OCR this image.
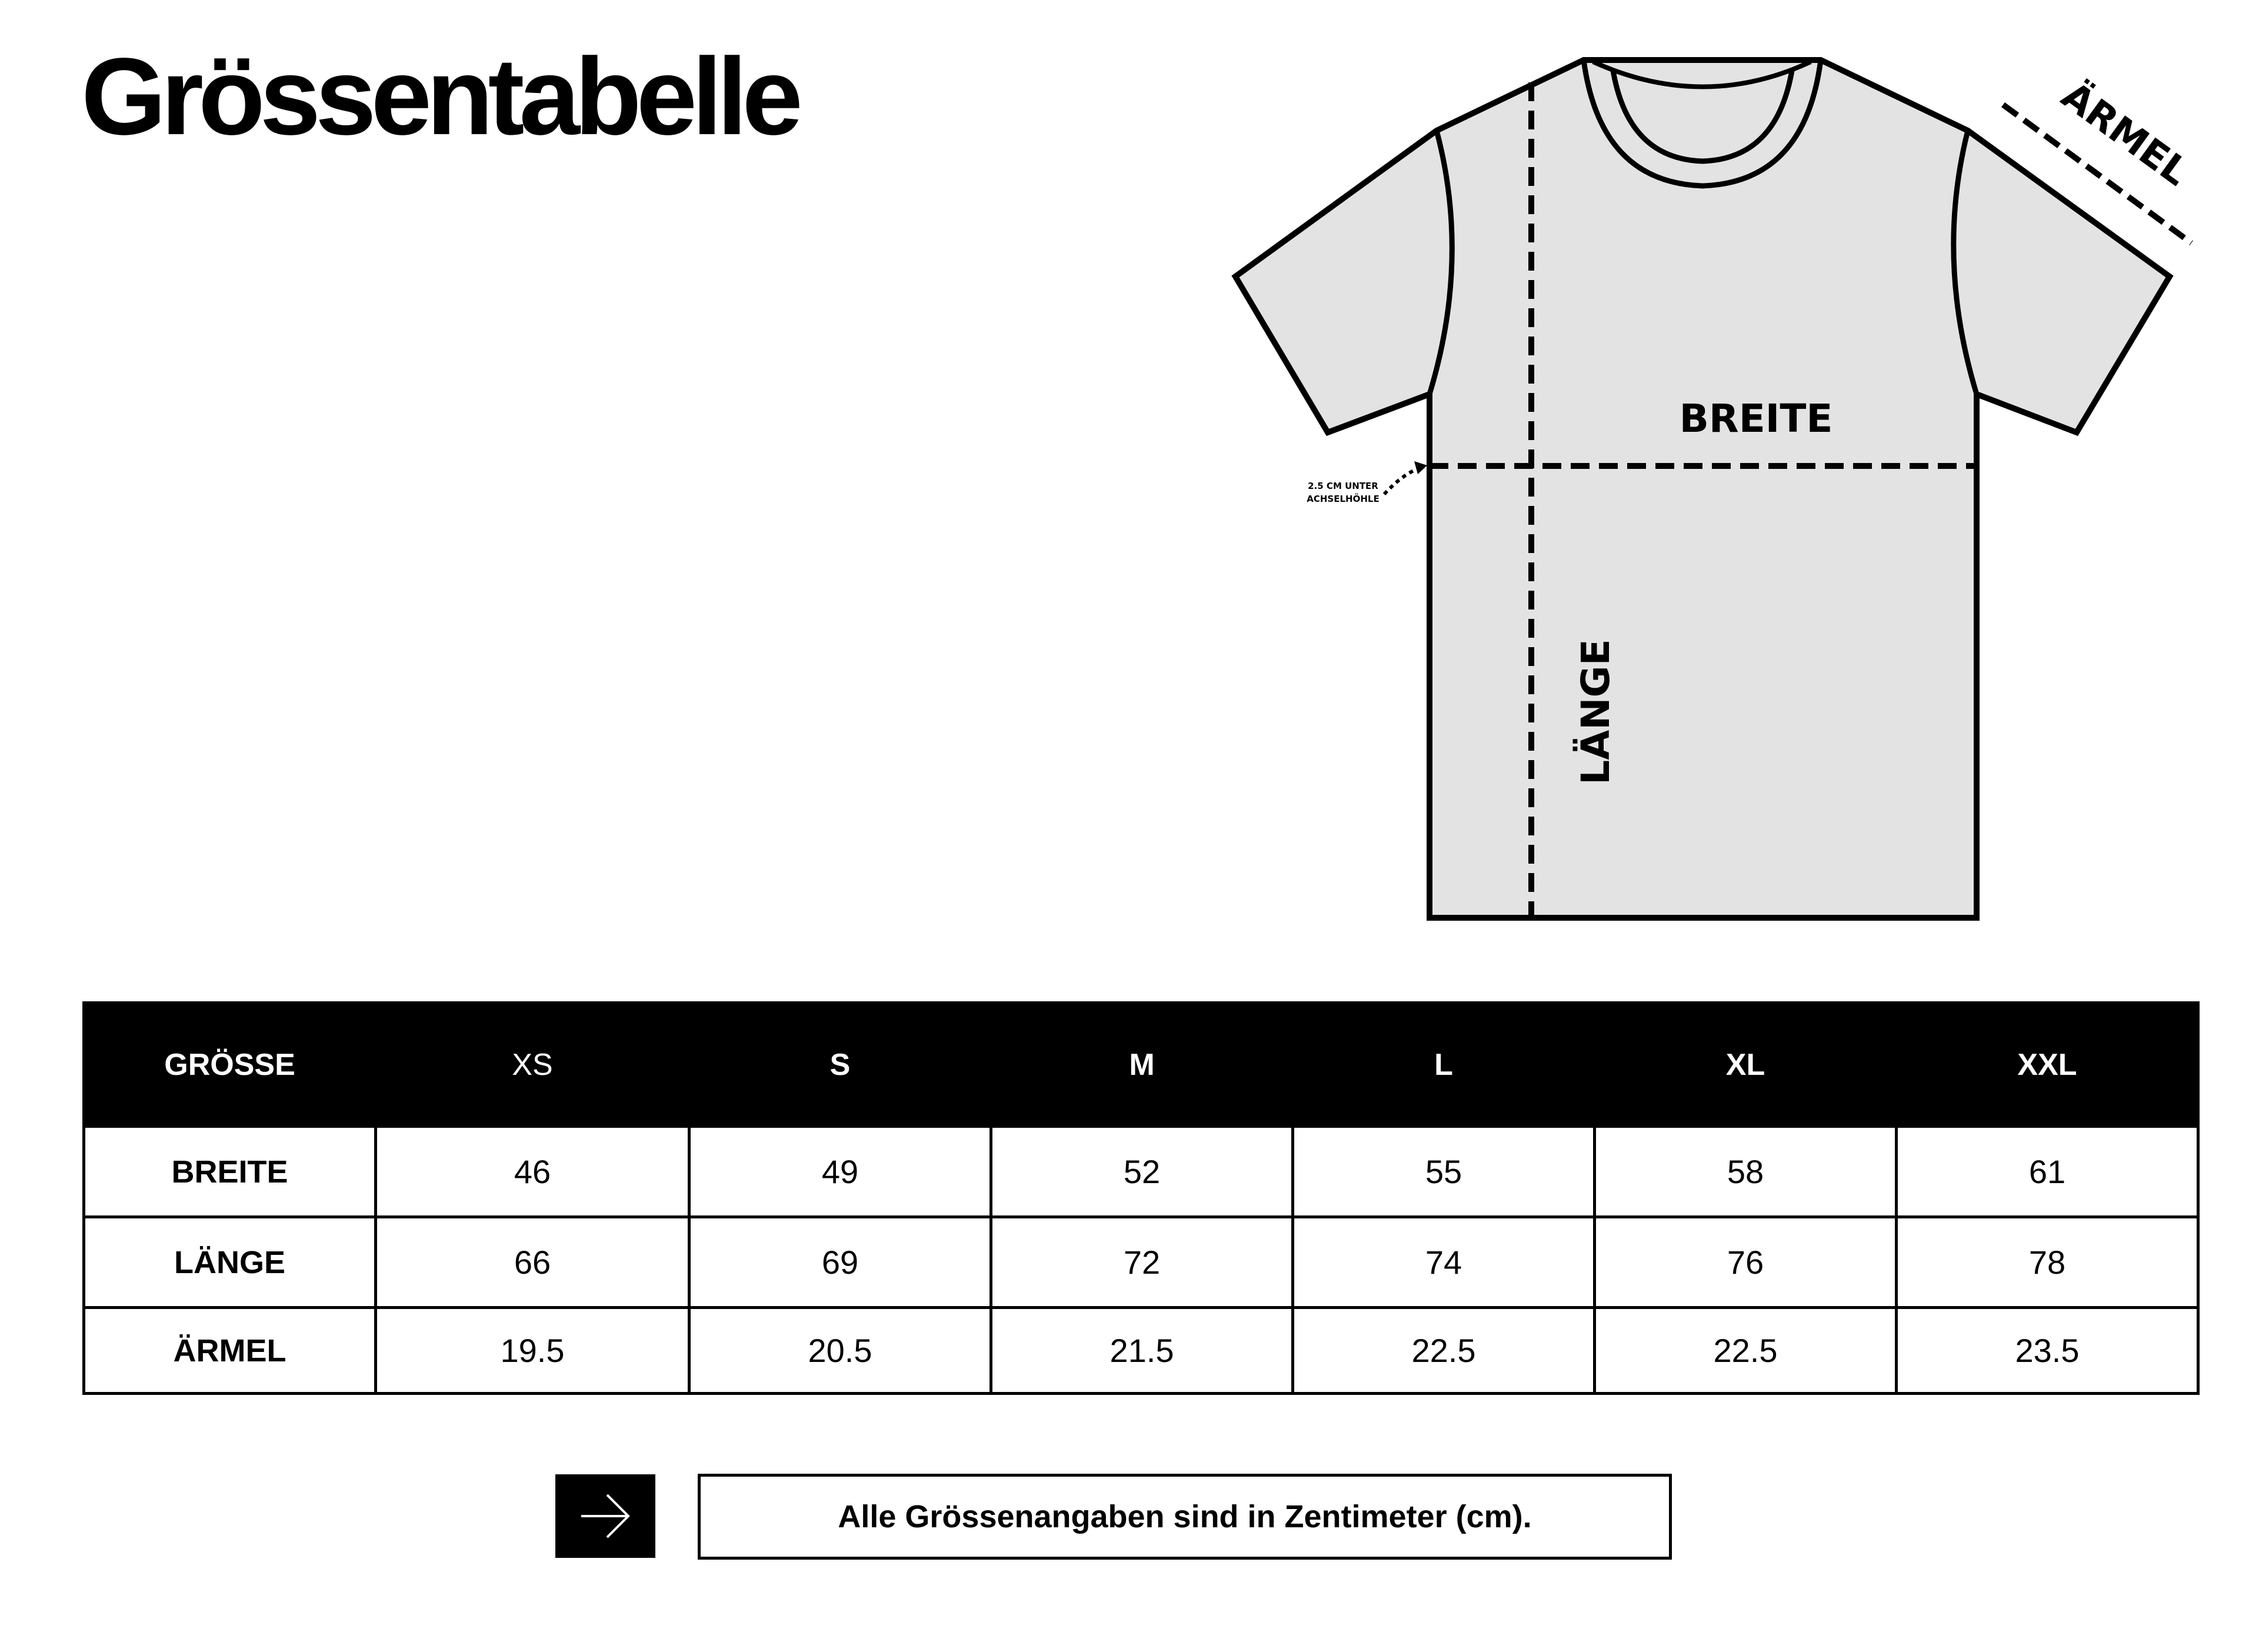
Grössentabelle
BREITE
LÄNGE
ÄRMEL
2.5 CM UNTER
ACHSELHÖHLE
GRÖSSE	XS	S	M	L	XL	XXL
BREITE	46	49	52	55	58	61
LÄNGE	66	69	72	74	76	78
ÄRMEL	19.5	20.5	21.5	22.5	22.5	23.5
Alle Grössenangaben sind in Zentimeter (cm).
